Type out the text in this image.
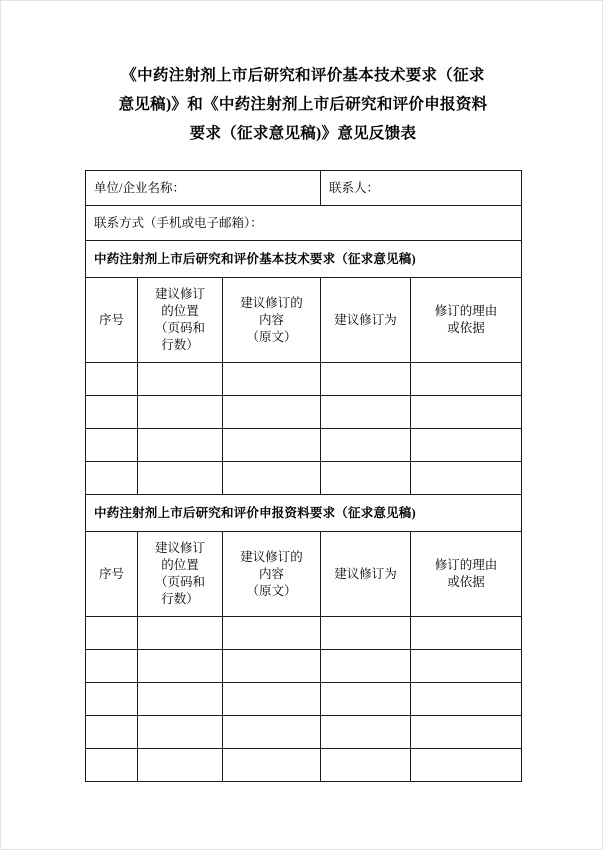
《中药注射剂上市后研究和评价基本技术要求（征求
意见稿)》和《中药注射剂上市后研究和评价申报资料
要求（征求意见稿)》意见反馈表
单位/企业名称：			联系人：	
联系方式（手机或电子邮箱）：				
中药注射剂上市后研究和评价基本技术要求（征求意见稿)				

序号	建议修订
的位置
（页码和
行数）	建议修订的
内容
（原文）	建议修订为	修订的理由
或依据

中药注射剂上市后研究和评价申报资料要求（征求意见稿)				

序号	建议修订
的位置
（页码和
行数）	建议修订的
内容
（原文）	建议修订为	修订的理由
或依据
